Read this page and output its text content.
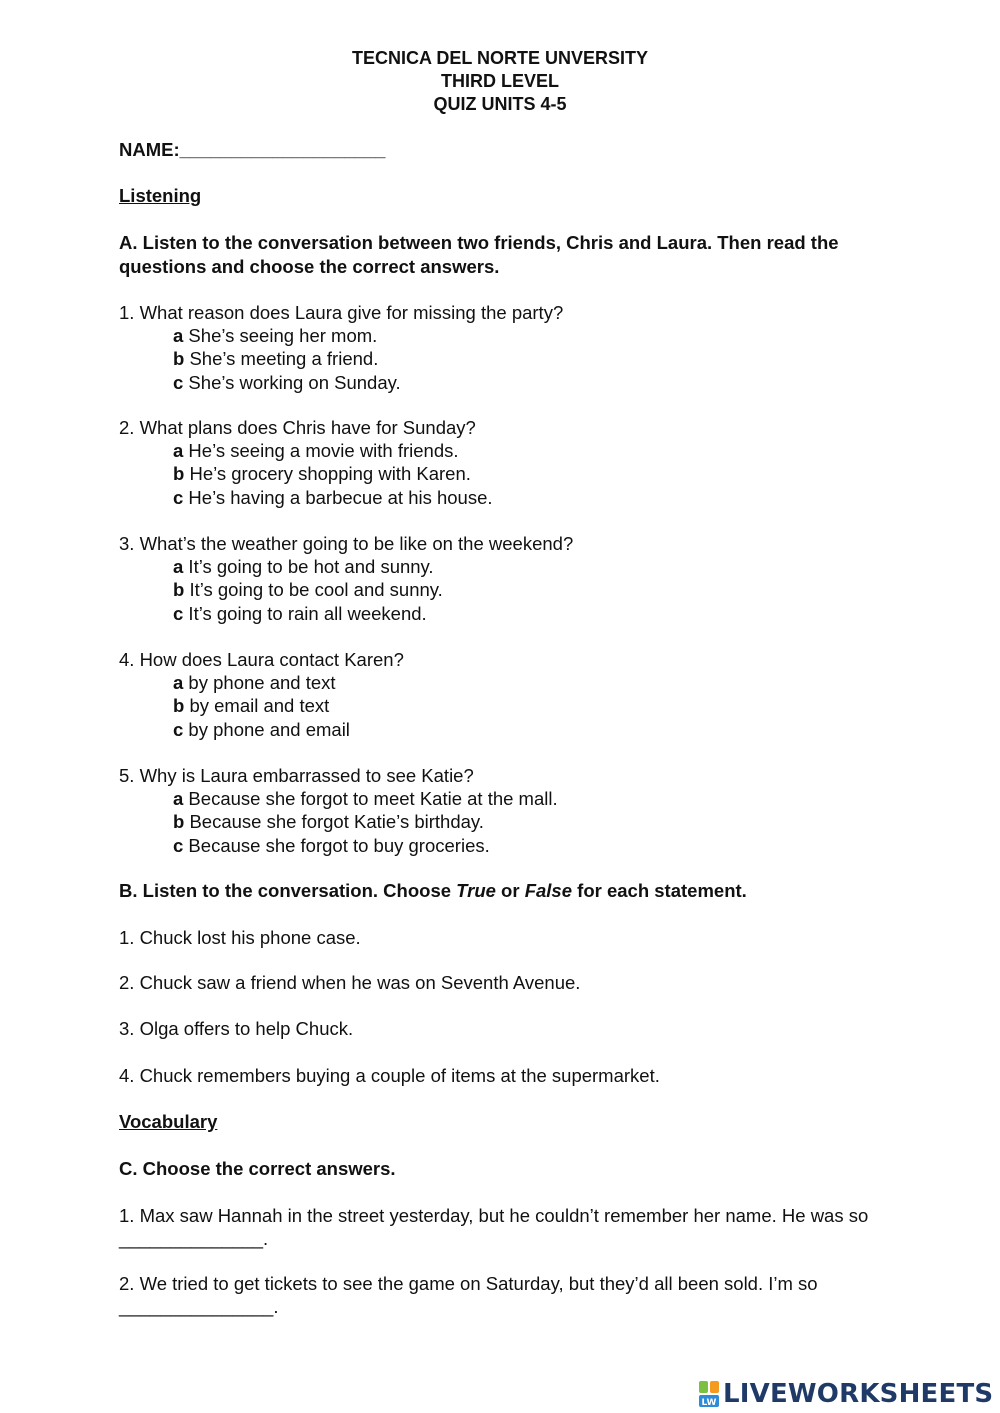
TECNICA DEL NORTE UNVERSITY
THIRD LEVEL
QUIZ UNITS 4-5
NAME:____________________
Listening
A. Listen to the conversation between two friends, Chris and Laura. Then read the questions and choose the correct answers.
1. What reason does Laura give for missing the party?
a She’s seeing her mom.
b She’s meeting a friend.
c She’s working on Sunday.
2. What plans does Chris have for Sunday?
a He’s seeing a movie with friends.
b He’s grocery shopping with Karen.
c He’s having a barbecue at his house.
3. What’s the weather going to be like on the weekend?
a It’s going to be hot and sunny.
b It’s going to be cool and sunny.
c It’s going to rain all weekend.
4. How does Laura contact Karen?
a by phone and text
b by email and text
c by phone and email
5. Why is Laura embarrassed to see Katie?
a Because she forgot to meet Katie at the mall.
b Because she forgot Katie’s birthday.
c Because she forgot to buy groceries.
B. Listen to the conversation. Choose True or False for each statement.
1. Chuck lost his phone case.
2. Chuck saw a friend when he was on Seventh Avenue.
3. Olga offers to help Chuck.
4. Chuck remembers buying a couple of items at the supermarket.
Vocabulary
C. Choose the correct answers.
1. Max saw Hannah in the street yesterday, but he couldn’t remember her name. He was so ______________.
2. We tried to get tickets to see the game on Saturday, but they’d all been sold. I’m so _______________.
LW LIVEWORKSHEETS
